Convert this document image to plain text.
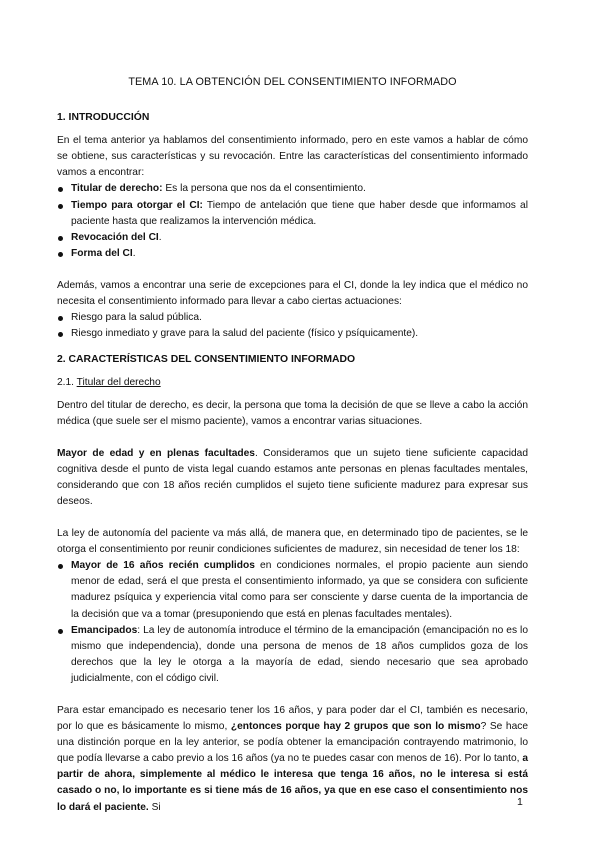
TEMA 10. LA OBTENCIÓN DEL CONSENTIMIENTO INFORMADO

1. INTRODUCCIÓN

En el tema anterior ya hablamos del consentimiento informado, pero en este vamos a hablar de cómo se obtiene, sus características y su revocación. Entre las características del consentimiento informado vamos a encontrar:

Titular de derecho: Es la persona que nos da el consentimiento.
Tiempo para otorgar el CI: Tiempo de antelación que tiene que haber desde que informamos al paciente hasta que realizamos la intervención médica.
Revocación del CI.
Forma del CI.

Además, vamos a encontrar una serie de excepciones para el CI, donde la ley indica que el médico no necesita el consentimiento informado para llevar a cabo ciertas actuaciones:

Riesgo para la salud pública.
Riesgo inmediato y grave para la salud del paciente (físico y psíquicamente).

2. CARACTERÍSTICAS DEL CONSENTIMIENTO INFORMADO

2.1. Titular del derecho

Dentro del titular de derecho, es decir, la persona que toma la decisión de que se lleve a cabo la acción médica (que suele ser el mismo paciente), vamos a encontrar varias situaciones.

Mayor de edad y en plenas facultades. Consideramos que un sujeto tiene suficiente capacidad cognitiva desde el punto de vista legal cuando estamos ante personas en plenas facultades mentales, considerando que con 18 años recién cumplidos el sujeto tiene suficiente madurez para expresar sus deseos.

La ley de autonomía del paciente va más allá, de manera que, en determinado tipo de pacientes, se le otorga el consentimiento por reunir condiciones suficientes de madurez, sin necesidad de tener los 18:

Mayor de 16 años recién cumplidos en condiciones normales, el propio paciente aun siendo menor de edad, será el que presta el consentimiento informado, ya que se considera con suficiente madurez psíquica y experiencia vital como para ser consciente y darse cuenta de la importancia de la decisión que va a tomar (presuponiendo que está en plenas facultades mentales).
Emancipados: La ley de autonomía introduce el término de la emancipación (emancipación no es lo mismo que independencia), donde una persona de menos de 18 años cumplidos goza de los derechos que la ley le otorga a la mayoría de edad, siendo necesario que sea aprobado judicialmente, con el código civil.

Para estar emancipado es necesario tener los 16 años, y para poder dar el CI, también es necesario, por lo que es básicamente lo mismo, ¿entonces porque hay 2 grupos que son lo mismo? Se hace una distinción porque en la ley anterior, se podía obtener la emancipación contrayendo matrimonio, lo que podía llevarse a cabo previo a los 16 años (ya no te puedes casar con menos de 16). Por lo tanto, a partir de ahora, simplemente al médico le interesa que tenga 16 años, no le interesa si está casado o no, lo importante es si tiene más de 16 años, ya que en ese caso el consentimiento nos lo dará el paciente. Si	1
